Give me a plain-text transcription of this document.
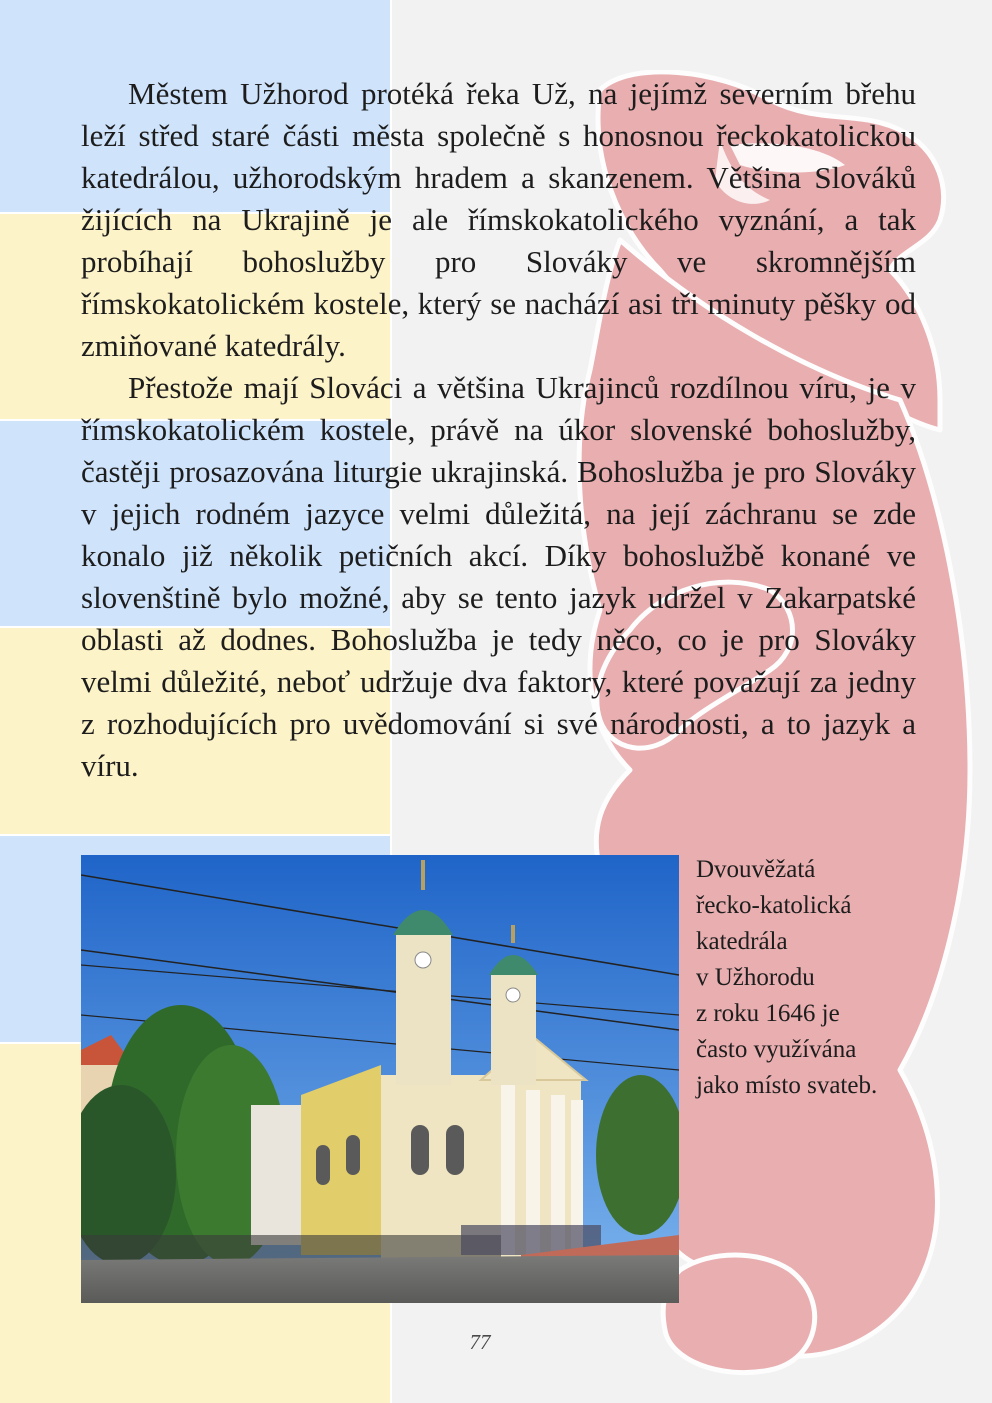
Městem Užhorod protéká řeka Už, na jejímž severním břehu leží střed staré části města společně s honosnou řeckokatolickou katedrálou, užhorodským hradem a skanzenem. Většina Slováků žijících na Ukrajině je ale římskokatolického vyznání, a tak probíhají bohoslužby pro Slováky ve skromnějším římskokatolickém kostele, který se nachází asi tři minuty pěšky od zmiňované katedrály.

Přestože mají Slováci a většina Ukrajinců rozdílnou víru, je v římskokatolickém kostele, právě na úkor slovenské bohoslužby, častěji prosazována liturgie ukrajinská. Bohoslužba je pro Slováky v jejich rodném jazyce velmi důležitá, na její záchranu se zde konalo již několik petičních akcí. Díky bohoslužbě konané ve slovenštině bylo možné, aby se tento jazyk udržel v Zakarpatské oblasti až dodnes. Bohoslužba je tedy něco, co je pro Slováky velmi důležité, neboť udržuje dva faktory, které považují za jedny z rozhodujících pro uvědomování si své národnosti, a to jazyk a víru.

Dvouvěžatá
řecko-katolická
katedrála
v Užhorodu
z roku 1646 je
často využívána
jako místo svateb.
77
